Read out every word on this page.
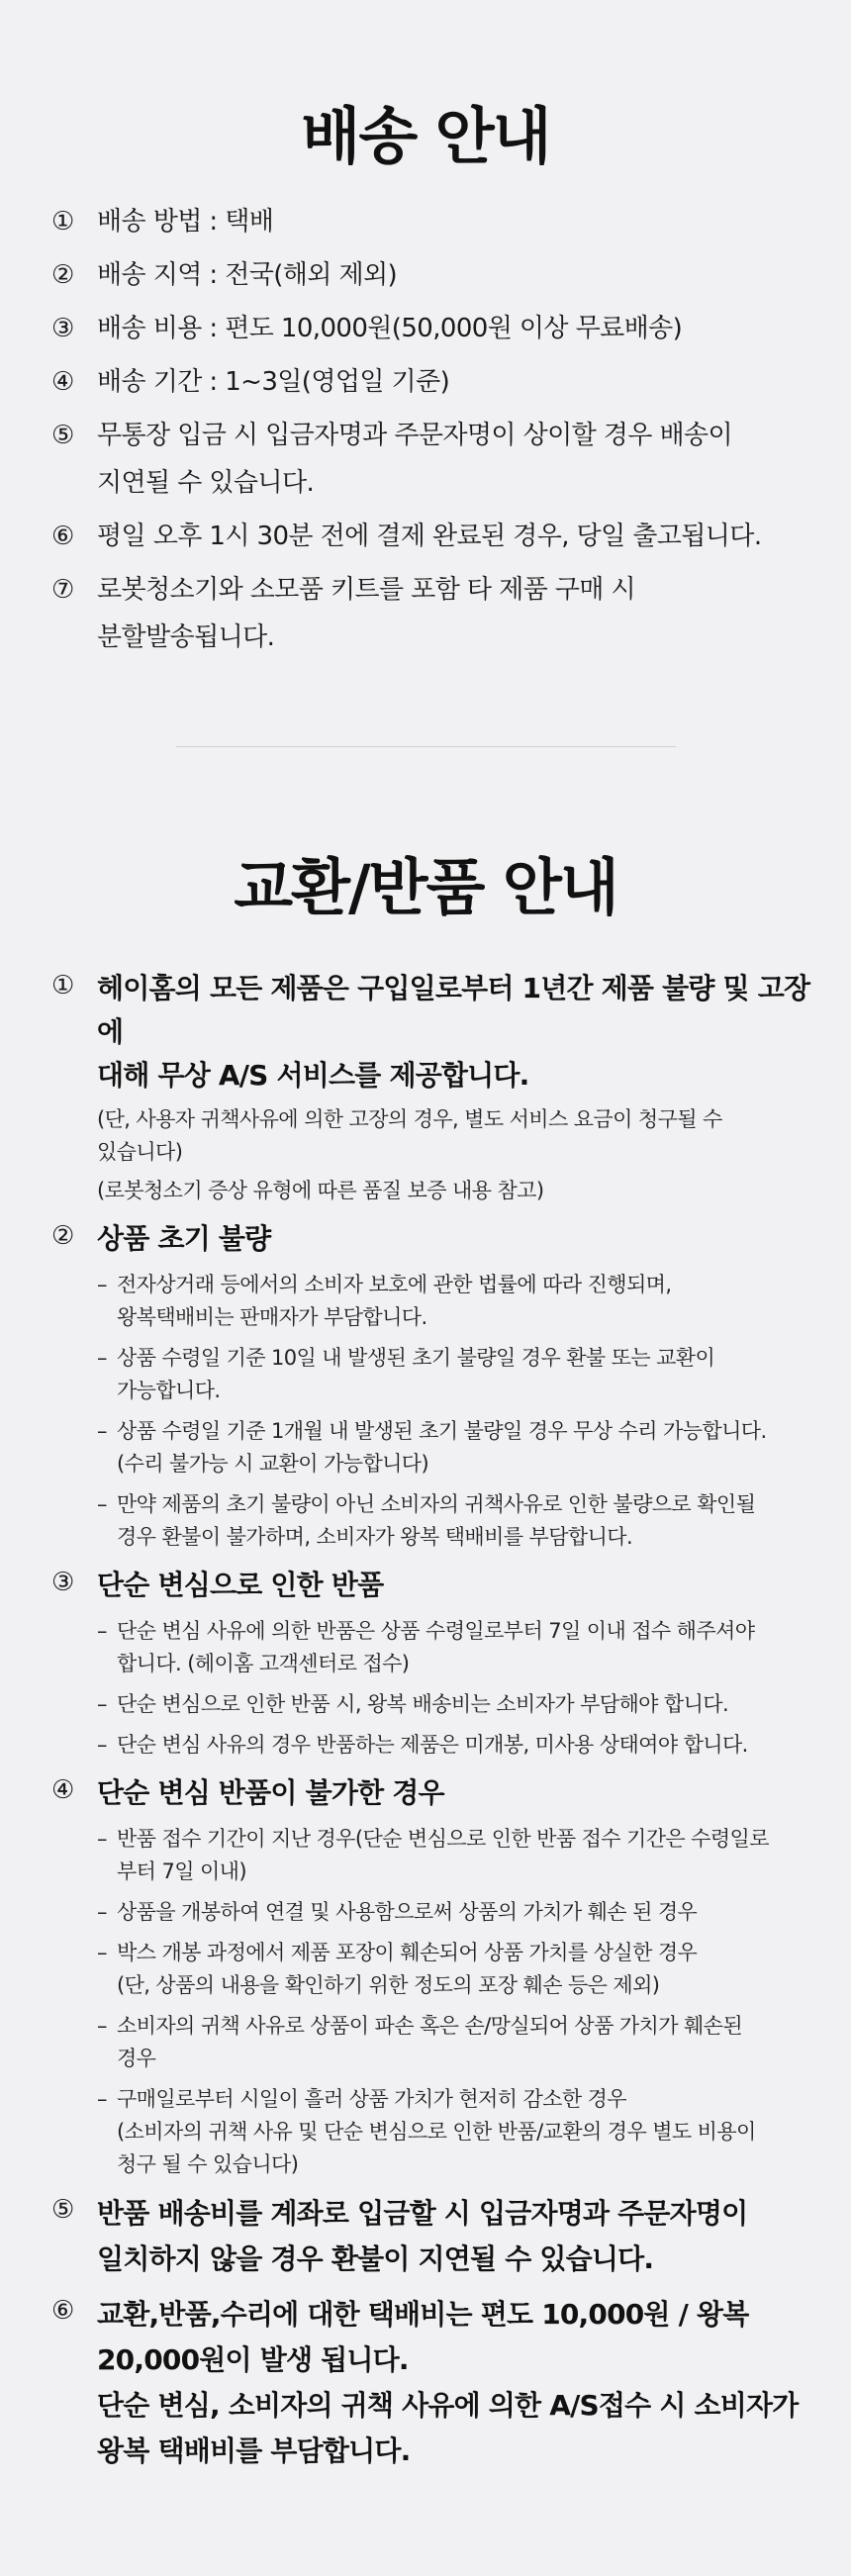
배송 안내
① 배송 방법 : 택배
② 배송 지역 : 전국(해외 제외)
③ 배송 비용 : 편도 10,000원(50,000원 이상 무료배송)
④ 배송 기간 : 1~3일(영업일 기준)
⑤ 무통장 입금 시 입금자명과 주문자명이 상이할 경우 배송이
지연될 수 있습니다.
⑥ 평일 오후 1시 30분 전에 결제 완료된 경우, 당일 출고됩니다.
⑦ 로봇청소기와 소모품 키트를 포함 타 제품 구매 시
분할발송됩니다.
교환/반품 안내
① 헤이홈의 모든 제품은 구입일로부터 1년간 제품 불량 및 고장에
대해 무상 A/S 서비스를 제공합니다.
(단, 사용자 귀책사유에 의한 고장의 경우, 별도 서비스 요금이 청구될 수
있습니다)
(로봇청소기 증상 유형에 따른 품질 보증 내용 참고)
② 상품 초기 불량
– 전자상거래 등에서의 소비자 보호에 관한 법률에 따라 진행되며,
왕복택배비는 판매자가 부담합니다.
– 상품 수령일 기준 10일 내 발생된 초기 불량일 경우 환불 또는 교환이
가능합니다.
– 상품 수령일 기준 1개월 내 발생된 초기 불량일 경우 무상 수리 가능합니다.
(수리 불가능 시 교환이 가능합니다)
– 만약 제품의 초기 불량이 아닌 소비자의 귀책사유로 인한 불량으로 확인될
경우 환불이 불가하며, 소비자가 왕복 택배비를 부담합니다.
③ 단순 변심으로 인한 반품
– 단순 변심 사유에 의한 반품은 상품 수령일로부터 7일 이내 접수 해주셔야
합니다. (헤이홈 고객센터로 접수)
– 단순 변심으로 인한 반품 시, 왕복 배송비는 소비자가 부담해야 합니다.
– 단순 변심 사유의 경우 반품하는 제품은 미개봉, 미사용 상태여야 합니다.
④ 단순 변심 반품이 불가한 경우
– 반품 접수 기간이 지난 경우(단순 변심으로 인한 반품 접수 기간은 수령일로
부터 7일 이내)
– 상품을 개봉하여 연결 및 사용함으로써 상품의 가치가 훼손 된 경우
– 박스 개봉 과정에서 제품 포장이 훼손되어 상품 가치를 상실한 경우
(단, 상품의 내용을 확인하기 위한 정도의 포장 훼손 등은 제외)
– 소비자의 귀책 사유로 상품이 파손 혹은 손/망실되어 상품 가치가 훼손된
경우
– 구매일로부터 시일이 흘러 상품 가치가 현저히 감소한 경우
(소비자의 귀책 사유 및 단순 변심으로 인한 반품/교환의 경우 별도 비용이
청구 될 수 있습니다)
⑤ 반품 배송비를 계좌로 입금할 시 입금자명과 주문자명이
일치하지 않을 경우 환불이 지연될 수 있습니다.
⑥ 교환,반품,수리에 대한 택배비는 편도 10,000원 / 왕복
20,000원이 발생 됩니다.
단순 변심, 소비자의 귀책 사유에 의한 A/S접수 시 소비자가
왕복 택배비를 부담합니다.
